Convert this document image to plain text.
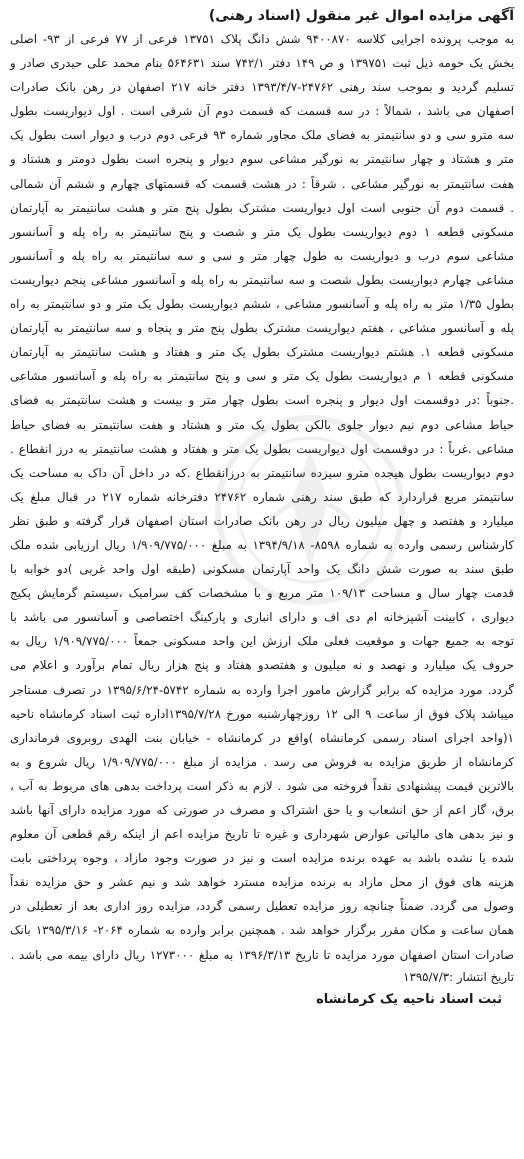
آگهی مزایده اموال غیر منقول (اسناد رهنی)

به موجب پرونده اجرایی کلاسه ۹۴۰۰۸۷۰ شش دانگ پلاک ۱۳۷۵۱ فرعی از ۷۷ فرعی از ۹۳- اصلی بخش یک حومه ذیل ثبت ۱۳۹۷۵۱ و ص ۱۴۹ دفتر ۷۴۲/۱ سند ۵۶۴۶۳۱ بنام محمد علی حیدری صادر و تسلیم گردید و بموجب سند رهنی ۲۴۷۶۲-۱۳۹۳/۴/۷ دفتر خانه ۲۱۷ اصفهان در رهن بانک صادرات اصفهان می باشد ، شمالاً : در سه قسمت که قسمت دوم آن شرقی است . اول دیواریست بطول سه مترو سی و دو سانتیمتر به فضای ملک مجاور شماره ۹۳ فرعی دوم درب و دیوار است بطول یک متر و هشتاد و چهار سانتیمتر به نورگیر مشاعی سوم دیوار و پنجره است بطول دومتر و هشتاد و هفت سانتیمتر به نورگیر مشاعی . شرقاً : در هشت قسمت که قسمتهای چهارم و ششم آن شمالی . قسمت دوم آن جنوبی است اول دیواریست مشترک بطول پنج متر و هشت سانتیمتر به آپارتمان مسکونی قطعه ۱ دوم دیواریست بطول یک متر و شصت و پنج سانتیمتر به راه پله و آسانسور مشاعی سوم درب و دیواریست به طول چهار متر و سی و سه سانتیمتر به راه پله و آسانسور مشاعی چهارم دیواریست بطول شصت و سه سانتیمتر به راه پله و آسانسور مشاعی پنجم دیواریست بطول ۱/۳۵ متر به راه پله و آسانسور مشاعی ، ششم دیواریست بطول یک متر و دو سانتیمتر به راه پله و آسانسور مشاعی ، هفتم دیواریست مشترک بطول پنج متر و پنجاه و سه سانتیمتر به آپارتمان مسکونی قطعه ۱. هشتم دیواریست مشترک بطول یک متر و هفتاد و هشت سانتیمتر به آپارتمان مسکونی قطعه ۱ م دیواریست بطول یک متر و سی و پنج سانتیمتر به راه پله و آسانسور مشاعی .جنوباً :در دوقسمت اول دیوار و پنجره است بطول چهار متر و بیست و هشت سانتیمتر به فضای حیاط مشاعی دوم نیم دیوار جلوی بالکن بطول یک متر و هشتاد و هفت سانتیمتر به فضای حیاط مشاعی .غرباً : در دوقسمت اول دیواریست بطول یک متر و هفتاد و هشت سانتیمتر به درز انقطاع . دوم دیواریست بطول هیجده مترو سیزده سانتیمتر به درزانقطاع .که در داخل آن داک به مساحت یک سانتیمتر مربع قراردارد که طبق سند رهنی شماره ۲۴۷۶۲ دفترخانه شماره ۲۱۷ در قبال مبلغ یک میلیارد و هفتصد و چهل میلیون ریال در رهن بانک صادرات استان اصفهان قرار گرفته و طبق نظر کارشناس رسمی وارده به شماره ۸۵۹۸- ۱۳۹۴/۹/۱۸ به مبلغ ۱/۹۰۹/۷۷۵/۰۰۰ ریال ارزیابی شده ملک طبق سند به صورت شش دانگ یک واحد آپارتمان مسکونی (طبقه اول واحد غربی )دو خوابه با قدمت چهار سال و مساحت ۱۰۹/۱۳ متر مربع و با مشخصات کف سرامیک ،سیستم گرمایش پکیج دیواری ، کابینت آشپزخانه ام دی اف و دارای انباری و پارکینگ اختصاصی و آسانسور می باشد با توجه به جمیع جهات و موقعیت فعلی ملک ارزش این واحد مسکونی جمعاً ۱/۹۰۹/۷۷۵/۰۰۰ ریال به حروف یک میلیارد و نهصد و نه میلیون و هفتصدو هفتاد و پنج هزار ریال تمام برآورد و اعلام می گردد. مورد مزایده که برابر گزارش مامور اجرا وارده به شماره ۵۷۴۲-۱۳۹۵/۶/۲۴ در تصرف مستاجر میباشد پلاک فوق از ساعت ۹ الی ۱۲ روزچهارشنبه مورخ ۱۳۹۵/۷/۲۸اداره ثبت اسناد کرمانشاه ناحیه ۱(واحد اجرای اسناد رسمی کرمانشاه )واقع در کرمانشاه - خیابان بنت الهدی روبروی فرمانداری کرمانشاه از طریق مزایده به فروش می رسد . مزایده از مبلغ ۱/۹۰۹/۷۷۵/۰۰۰ ریال شروع و به بالاترین قیمت پیشنهادی نقداً فروخته می شود . لازم به ذکر است پرداخت بدهی های مربوط به آب ، برق، گاز اعم از حق انشعاب و یا حق اشتراک و مصرف در صورتی که مورد مزایده دارای آنها باشد و نیز بدهی های مالیاتی عوارض شهرداری و غیره تا تاریخ مزایده اعم از اینکه رقم قطعی آن معلوم شده یا نشده باشد به عهده برنده مزایده است و نیز در صورت وجود مازاد ، وجوه پرداختی بابت هزینه های فوق از محل مازاد به برنده مزایده مسترد خواهد شد و نیم عشر و حق مزایده نقداً وصول می گردد. ضمناً چنانچه روز مزایده تعطیل رسمی گردد، مزایده روز اداری بعد از تعطیلی در همان ساعت و مکان مقرر برگزار خواهد شد . همچنین برابر وارده به شماره ۲۰۶۴- ۱۳۹۵/۳/۱۶ بانک صادرات استان اصفهان مورد مزایده تا تاریخ ۱۳۹۶/۳/۱۳ به مبلغ ۱۲۷۳۰۰۰ ریال دارای بیمه می باشد .

تاریخ انتشار :۱۳۹۵/۷/۳
ثبت اسناد ناحیه یک کرمانشاه
